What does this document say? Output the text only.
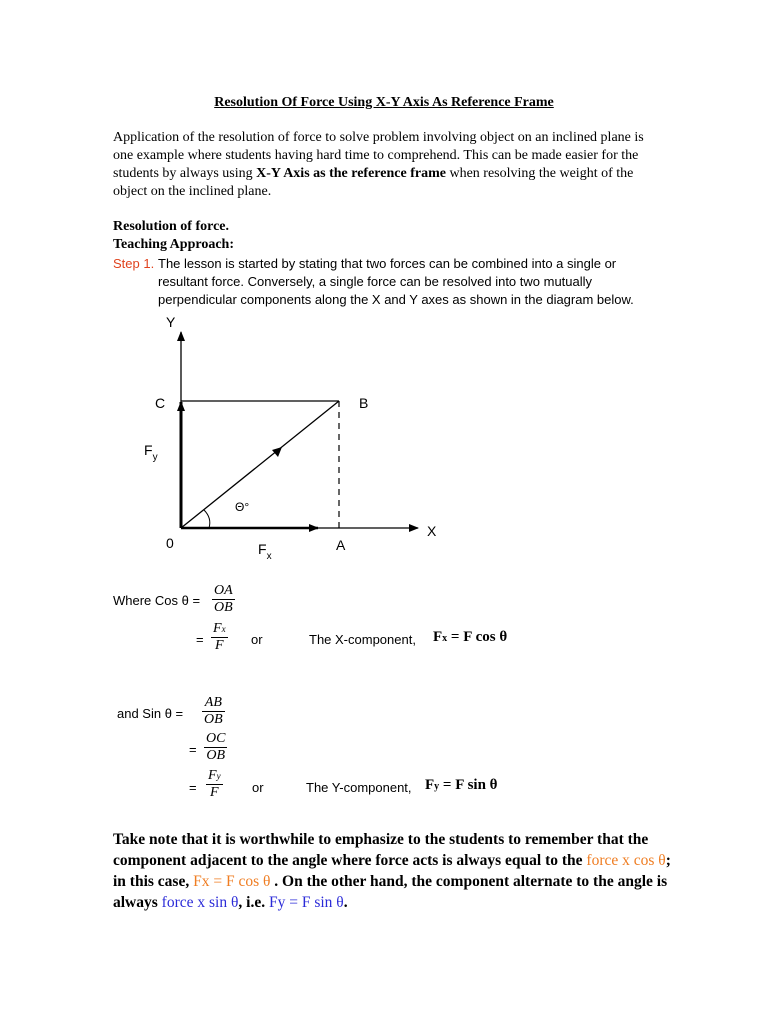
Resolution Of Force Using X-Y Axis As Reference Frame
Application of the resolution of force to solve problem involving object on an inclined plane is one example where students having hard time to comprehend. This can be made easier for the students by always using X-Y Axis as the reference frame when resolving the weight of the object on the inclined plane.
Resolution of force.
Teaching Approach:
Step 1. The lesson is started by stating that two forces can be combined into a single or resultant force. Conversely, a single force can be resolved into two mutually perpendicular components along the X and Y axes as shown in the diagram below.
Y
X
C	B
0	A
$F_y$
$F_x$
Θ°
Where Cos $\theta = \frac{OA}{OB}$
= $\frac{Fx}{F}$ or	The X-component, Fx = F cos θ
and Sin $\theta = \frac{AB}{OB}$
= $\frac{OC}{OB}$
= $\frac{Fy}{F}$ or	The Y-component, Fy = F sin θ
Take note that it is worthwhile to emphasize to the students to remember that the component adjacent to the angle where force acts is always equal to the force x cos θ; in this case, Fx = F cos θ . On the other hand, the component alternate to the angle is always force x sin θ, i.e. Fy = F sin θ.
